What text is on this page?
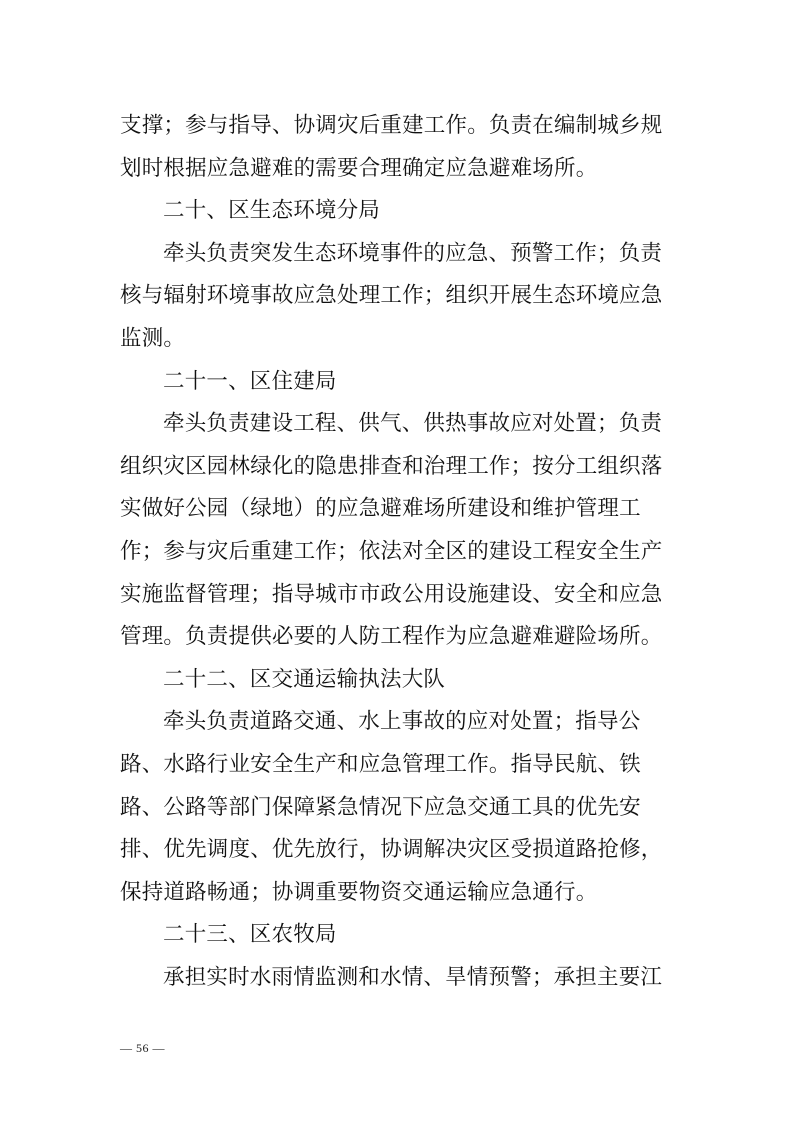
支撑；参与指导、协调灾后重建工作。负责在编制城乡规
划时根据应急避难的需要合理确定应急避难场所。
二十、区生态环境分局
牵头负责突发生态环境事件的应急、预警工作；负责
核与辐射环境事故应急处理工作；组织开展生态环境应急
监测。
二十一、区住建局
牵头负责建设工程、供气、供热事故应对处置；负责
组织灾区园林绿化的隐患排查和治理工作；按分工组织落
实做好公园（绿地）的应急避难场所建设和维护管理工
作；参与灾后重建工作；依法对全区的建设工程安全生产
实施监督管理；指导城市市政公用设施建设、安全和应急
管理。负责提供必要的人防工程作为应急避难避险场所。
二十二、区交通运输执法大队
牵头负责道路交通、水上事故的应对处置；指导公
路、水路行业安全生产和应急管理工作。指导民航、铁
路、公路等部门保障紧急情况下应急交通工具的优先安
排、优先调度、优先放行，协调解决灾区受损道路抢修，
保持道路畅通；协调重要物资交通运输应急通行。
二十三、区农牧局
承担实时水雨情监测和水情、旱情预警；承担主要江
— 56 —
